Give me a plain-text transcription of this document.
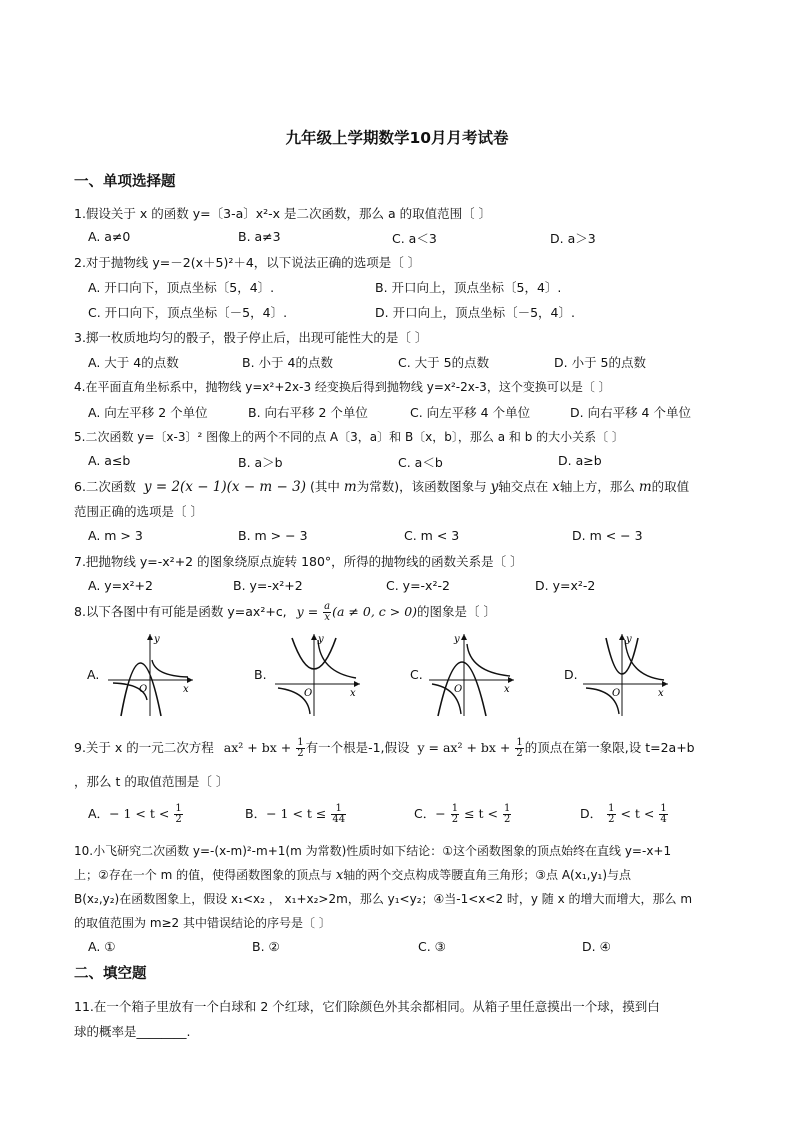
九年级上学期数学10月月考试卷
一、单项选择题
1.假设关于 x 的函数 y=〔3-a〕x²-x 是二次函数，那么 a 的取值范围〔 〕
A. a≠0	B. a≠3	C. a＜3	D. a＞3
2.对于抛物线 y=－2(x＋5)²＋4，以下说法正确的选项是〔 〕
A. 开口向下，顶点坐标〔5，4〕.	B. 开口向上，顶点坐标〔5，4〕.
C. 开口向下，顶点坐标〔－5，4〕.	D. 开口向上，顶点坐标〔－5，4〕.
3.掷一枚质地均匀的骰子，骰子停止后，出现可能性大的是〔 〕
A. 大于 4的点数	B. 小于 4的点数	C. 大于 5的点数	D. 小于 5的点数
4.在平面直角坐标系中，抛物线 y=x²+2x-3 经变换后得到抛物线 y=x²-2x-3，这个变换可以是〔 〕
A. 向左平移 2 个单位	B. 向右平移 2 个单位	C. 向左平移 4 个单位	D. 向右平移 4 个单位
5.二次函数 y=〔x-3〕² 图像上的两个不同的点 A〔3，a〕和 B〔x，b〕，那么 a 和 b 的大小关系〔 〕
A. a≤b	B. a＞b	C. a＜b	D. a≥b
6.二次函数 y = 2(x − 1)(x − m − 3) (其中 m为常数)，该函数图象与 y轴交点在 x轴上方，那么 m的取值
范围正确的选项是〔 〕
A. m > 3	B. m > − 3	C. m < 3	D. m < − 3
7.把抛物线 y=-x²+2 的图象绕原点旋转 180°，所得的抛物线的函数关系是〔 〕
A. y=x²+2	B. y=-x²+2	C. y=-x²-2	D. y=x²-2
8.以下各图中有可能是函数 y=ax²+c, $y = \frac{a}{x} (a \ne 0$, c > 0)的图象是〔 〕
A.	B.	C.	D.
O	x
y
O	x
y
O	x
y
O	x
y
9.关于 x 的一元二次方程 ax² + bx + $\frac{1}{2}$ 有一个根是-1,假设 y = ax² + bx + $\frac{1}{2}$ 的顶点在第一象限,设 t=2a+b
，那么 t 的取值范围是〔 〕
A．− $1 < t < \frac{1}{2}$	B．− $1 < t \le \frac{1}{44}$	C．− $\frac{1}{2} \le t < \frac{1}{2}$	D． $\frac{1}{2} < t < \frac{1}{4}$
10.小飞研究二次函数 y=-(x-m)²-m+1(m 为常数)性质时如下结论：①这个函数图象的顶点始终在直线 y=-x+1
上；②存在一个 m 的值，使得函数图象的顶点与 x轴的两个交点构成等腰直角三角形；③点 A(x₁,y₁)与点
B(x₂,y₂)在函数图象上，假设 x₁<x₂ ， x₁+x₂>2m，那么 y₁<y₂；④当-1<x<2 时，y 随 x 的增大而增大，那么 m
的取值范围为 m≥2 其中错误结论的序号是〔 〕
A. ①	B. ②	C. ③	D. ④
二、填空题
11.在一个箱子里放有一个白球和 2 个红球，它们除颜色外其余都相同。从箱子里任意摸出一个球，摸到白
球的概率是________.
